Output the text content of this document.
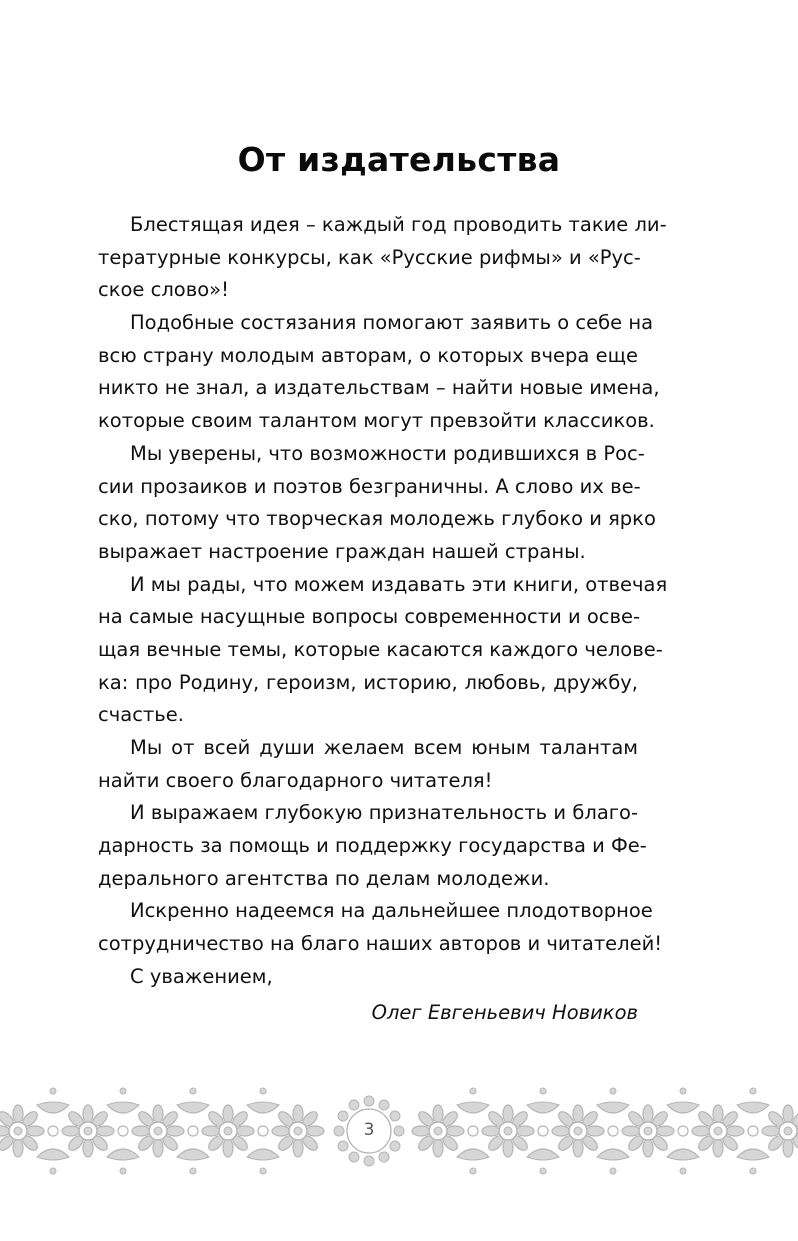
От издательства
Блестящая идея – каждый год проводить такие ли-
тературные конкурсы, как «Русские рифмы» и «Рус-
ское слово»!
Подобные состязания помогают заявить о себе на
всю страну молодым авторам, о которых вчера еще
никто не знал, а издательствам – найти новые имена,
которые своим талантом могут превзойти классиков.
Мы уверены, что возможности родившихся в Рос-
сии прозаиков и поэтов безграничны. А слово их ве-
ско, потому что творческая молодежь глубоко и ярко
выражает настроение граждан нашей страны.
И мы рады, что можем издавать эти книги, отвечая
на самые насущные вопросы современности и осве-
щая вечные темы, которые касаются каждого челове-
ка: про Родину, героизм, историю, любовь, дружбу,
счастье.
Мы от всей души желаем всем юным талантам
найти своего благодарного читателя!
И выражаем глубокую признательность и благо-
дарность за помощь и поддержку государства и Фе-
дерального агентства по делам молодежи.
Искренно надеемся на дальнейшее плодотворное
сотрудничество на благо наших авторов и читателей!
С уважением,
Олег Евгеньевич Новиков
3
